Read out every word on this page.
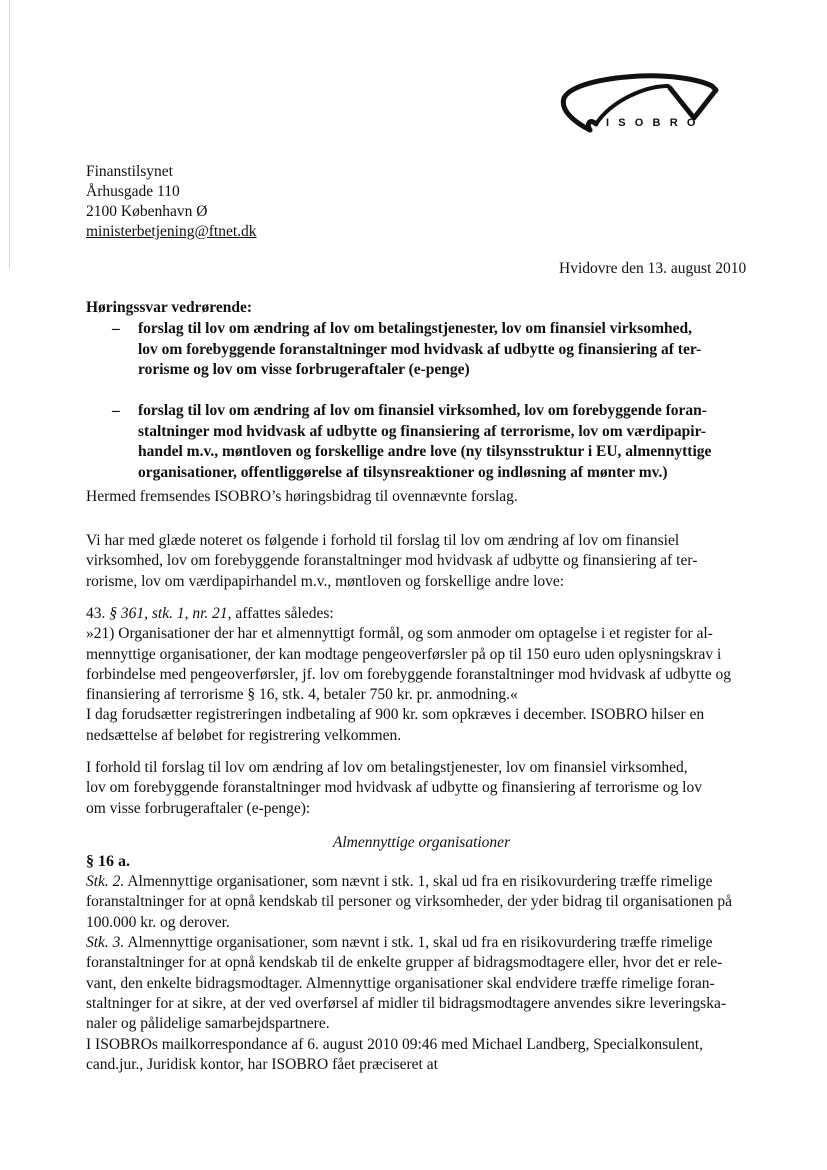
ISOBRO
Finanstilsynet
Århusgade 110
2100 København Ø
ministerbetjening@ftnet.dk
Hvidovre den 13. august 2010
Høringssvar vedrørende:
– forslag til lov om ændring af lov om betalingstjenester, lov om finansiel virksomhed,
lov om forebyggende foranstaltninger mod hvidvask af udbytte og finansiering af ter-
rorisme og lov om visse forbrugeraftaler (e-penge)
– forslag til lov om ændring af lov om finansiel virksomhed, lov om forebyggende foran-
staltninger mod hvidvask af udbytte og finansiering af terrorisme, lov om værdipapir-
handel m.v., møntloven og forskellige andre love (ny tilsynsstruktur i EU, almennyttige
organisationer, offentliggørelse af tilsynsreaktioner og indløsning af mønter mv.)
Hermed fremsendes ISOBRO’s høringsbidrag til ovennævnte forslag.
Vi har med glæde noteret os følgende i forhold til forslag til lov om ændring af lov om finansiel
virksomhed, lov om forebyggende foranstaltninger mod hvidvask af udbytte og finansiering af ter-
rorisme, lov om værdipapirhandel m.v., møntloven og forskellige andre love:
43. § 361, stk. 1, nr. 21, affattes således:
»21) Organisationer der har et almennyttigt formål, og som anmoder om optagelse i et register for al-
mennyttige organisationer, der kan modtage pengeoverførsler på op til 150 euro uden oplysningskrav i
forbindelse med pengeoverførsler, jf. lov om forebyggende foranstaltninger mod hvidvask af udbytte og
finansiering af terrorisme § 16, stk. 4, betaler 750 kr. pr. anmodning.«
I dag forudsætter registreringen indbetaling af 900 kr. som opkræves i december. ISOBRO hilser en
nedsættelse af beløbet for registrering velkommen.
I forhold til forslag til lov om ændring af lov om betalingstjenester, lov om finansiel virksomhed,
lov om forebyggende foranstaltninger mod hvidvask af udbytte og finansiering af terrorisme og lov
om visse forbrugeraftaler (e-penge):
Almennyttige organisationer
§ 16 a.
Stk. 2. Almennyttige organisationer, som nævnt i stk. 1, skal ud fra en risikovurdering træffe rimelige
foranstaltninger for at opnå kendskab til personer og virksomheder, der yder bidrag til organisationen på
100.000 kr. og derover.
Stk. 3. Almennyttige organisationer, som nævnt i stk. 1, skal ud fra en risikovurdering træffe rimelige
foranstaltninger for at opnå kendskab til de enkelte grupper af bidragsmodtagere eller, hvor det er rele-
vant, den enkelte bidragsmodtager. Almennyttige organisationer skal endvidere træffe rimelige foran-
staltninger for at sikre, at der ved overførsel af midler til bidragsmodtagere anvendes sikre leveringska-
naler og pålidelige samarbejdspartnere.
I ISOBROs mailkorrespondance af 6. august 2010 09:46 med Michael Landberg, Specialkonsulent,
cand.jur., Juridisk kontor, har ISOBRO fået præciseret at
